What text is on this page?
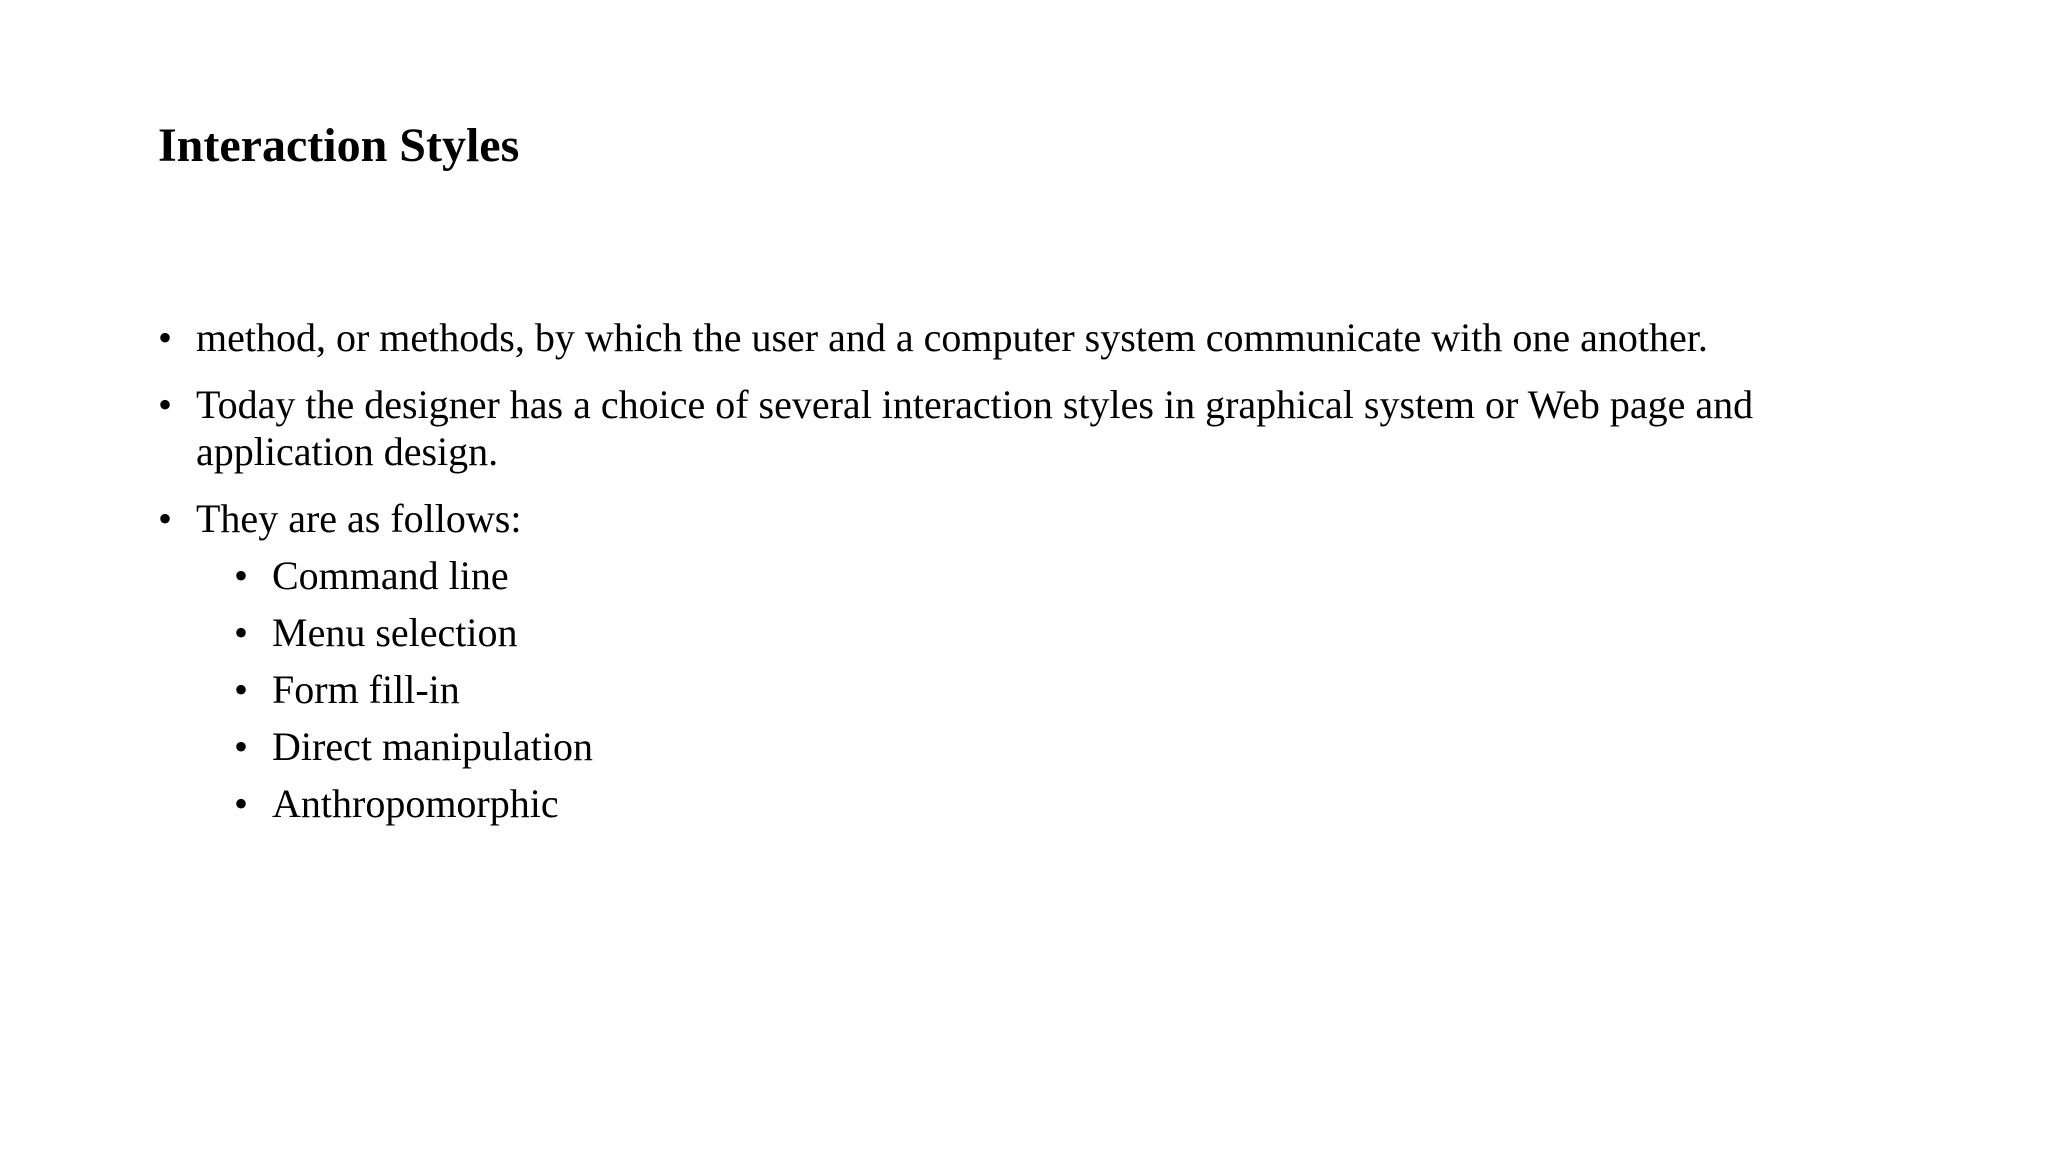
Interaction Styles
• method, or methods, by which the user and a computer system communicate with one another.
• Today the designer has a choice of several interaction styles in graphical system or Web page and application design.
• They are as follows:
• Command line
• Menu selection
• Form fill-in
• Direct manipulation
• Anthropomorphic
